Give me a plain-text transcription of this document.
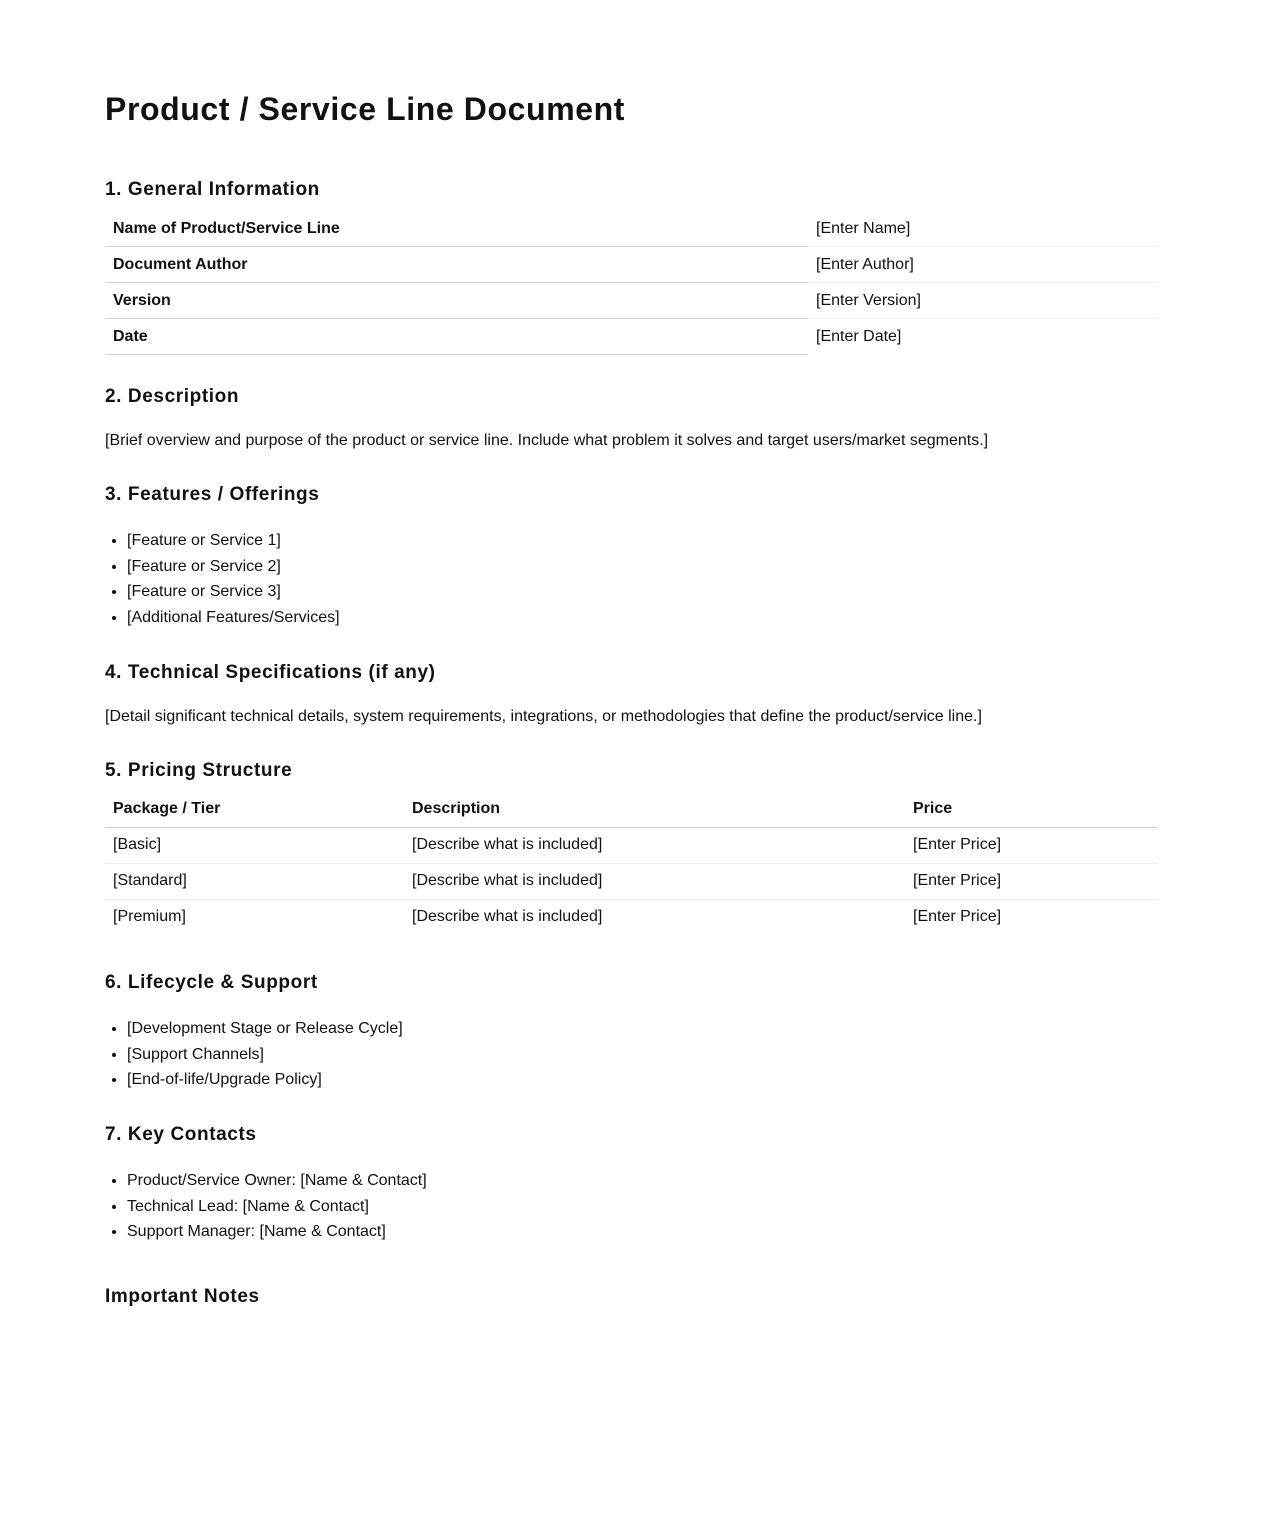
Product / Service Line Document
1. General Information
Name of Product/Service Line	[Enter Name]
Document Author	[Enter Author]
Version	[Enter Version]
Date	[Enter Date]
2. Description

[Brief overview and purpose of the product or service line. Include what problem it solves and target users/market segments.]

3. Features / Offerings
• [Feature or Service 1]
• [Feature or Service 2]
• [Feature or Service 3]
• [Additional Features/Services]
4. Technical Specifications (if any)

[Detail significant technical details, system requirements, integrations, or methodologies that define the product/service line.]

5. Pricing Structure
Package / Tier	Description	Price
[Basic]	[Describe what is included]	[Enter Price]
[Standard]	[Describe what is included]	[Enter Price]
[Premium]	[Describe what is included]	[Enter Price]
6. Lifecycle & Support
• [Development Stage or Release Cycle]
• [Support Channels]
• [End-of-life/Upgrade Policy]
7. Key Contacts
• Product/Service Owner: [Name & Contact]
• Technical Lead: [Name & Contact]
• Support Manager: [Name & Contact]
Important Notes
